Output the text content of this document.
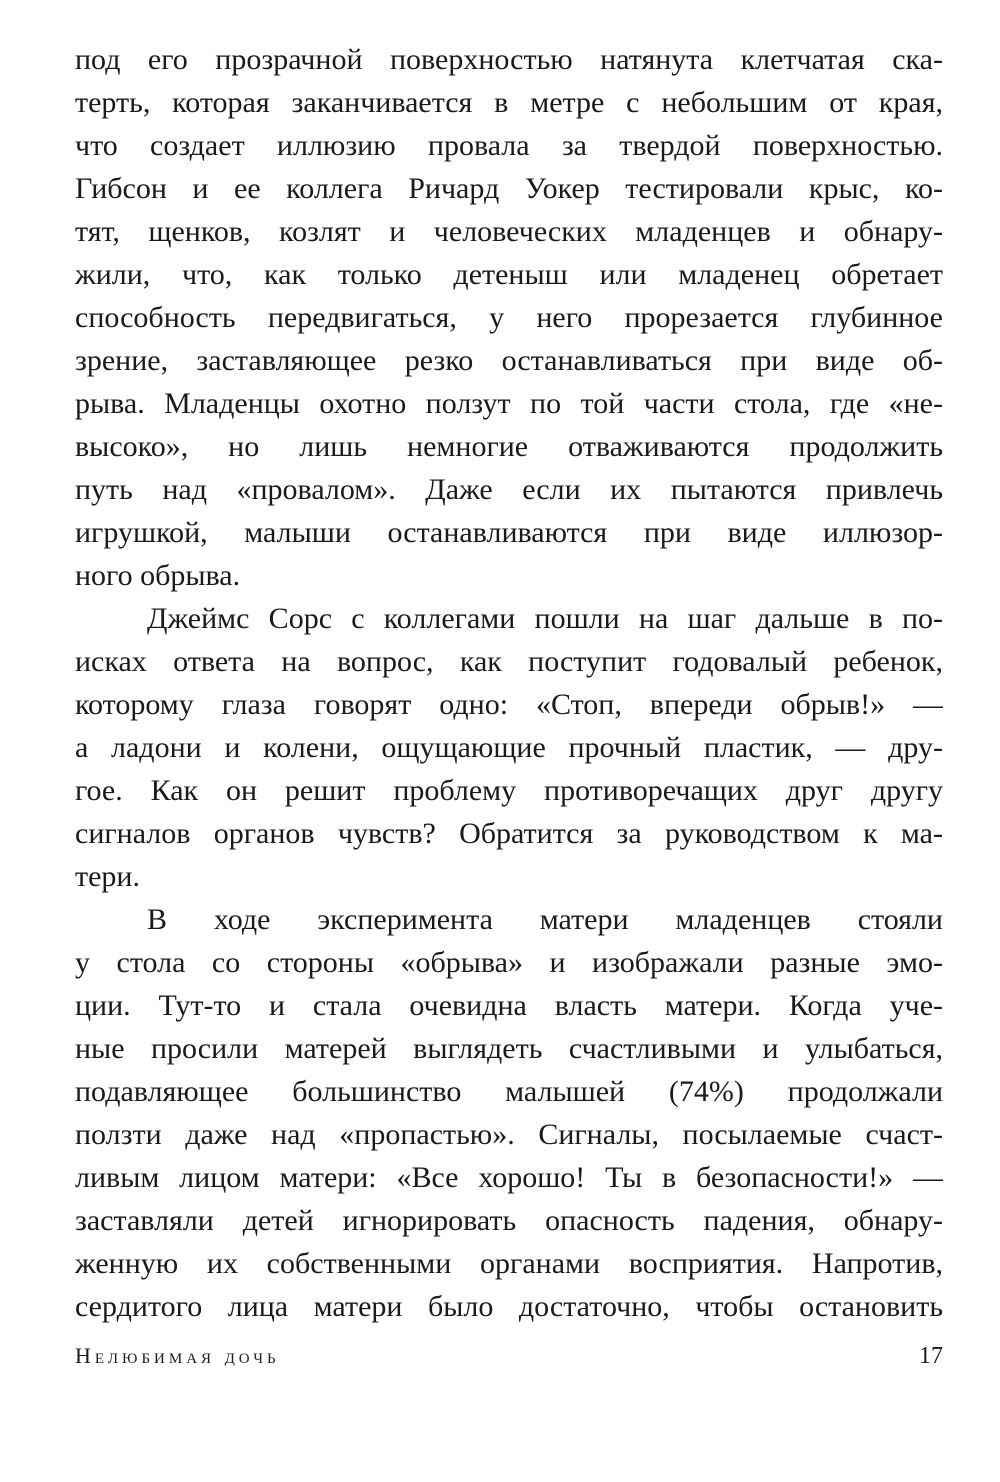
под его прозрачной поверхностью натянута клетчатая ска-
терть, которая заканчивается в метре с небольшим от края,
что создает иллюзию провала за твердой поверхностью.
Гибсон и ее коллега Ричард Уокер тестировали крыс, ко-
тят, щенков, козлят и человеческих младенцев и обнару-
жили, что, как только детеныш или младенец обретает
способность передвигаться, у него прорезается глубинное
зрение, заставляющее резко останавливаться при виде об-
рыва. Младенцы охотно ползут по той части стола, где «не-
высоко», но лишь немногие отваживаются продолжить
путь над «провалом». Даже если их пытаются привлечь
игрушкой, малыши останавливаются при виде иллюзор-
ного обрыва.
Джеймс Сорс с коллегами пошли на шаг дальше в по-
исках ответа на вопрос, как поступит годовалый ребенок,
которому глаза говорят одно: «Стоп, впереди обрыв!» —
а ладони и колени, ощущающие прочный пластик, — дру-
гое. Как он решит проблему противоречащих друг другу
сигналов органов чувств? Обратится за руководством к ма-
тери.
В ходе эксперимента матери младенцев стояли
у стола со стороны «обрыва» и изображали разные эмо-
ции. Тут-то и стала очевидна власть матери. Когда уче-
ные просили матерей выглядеть счастливыми и улыбаться,
подавляющее большинство малышей (74%) продолжали
ползти даже над «пропастью». Сигналы, посылаемые счаст-
ливым лицом матери: «Все хорошо! Ты в безопасности!» —
заставляли детей игнорировать опасность падения, обнару-
женную их собственными органами восприятия. Напротив,
сердитого лица матери было достаточно, чтобы остановить
Нелюбимая дочь	17
